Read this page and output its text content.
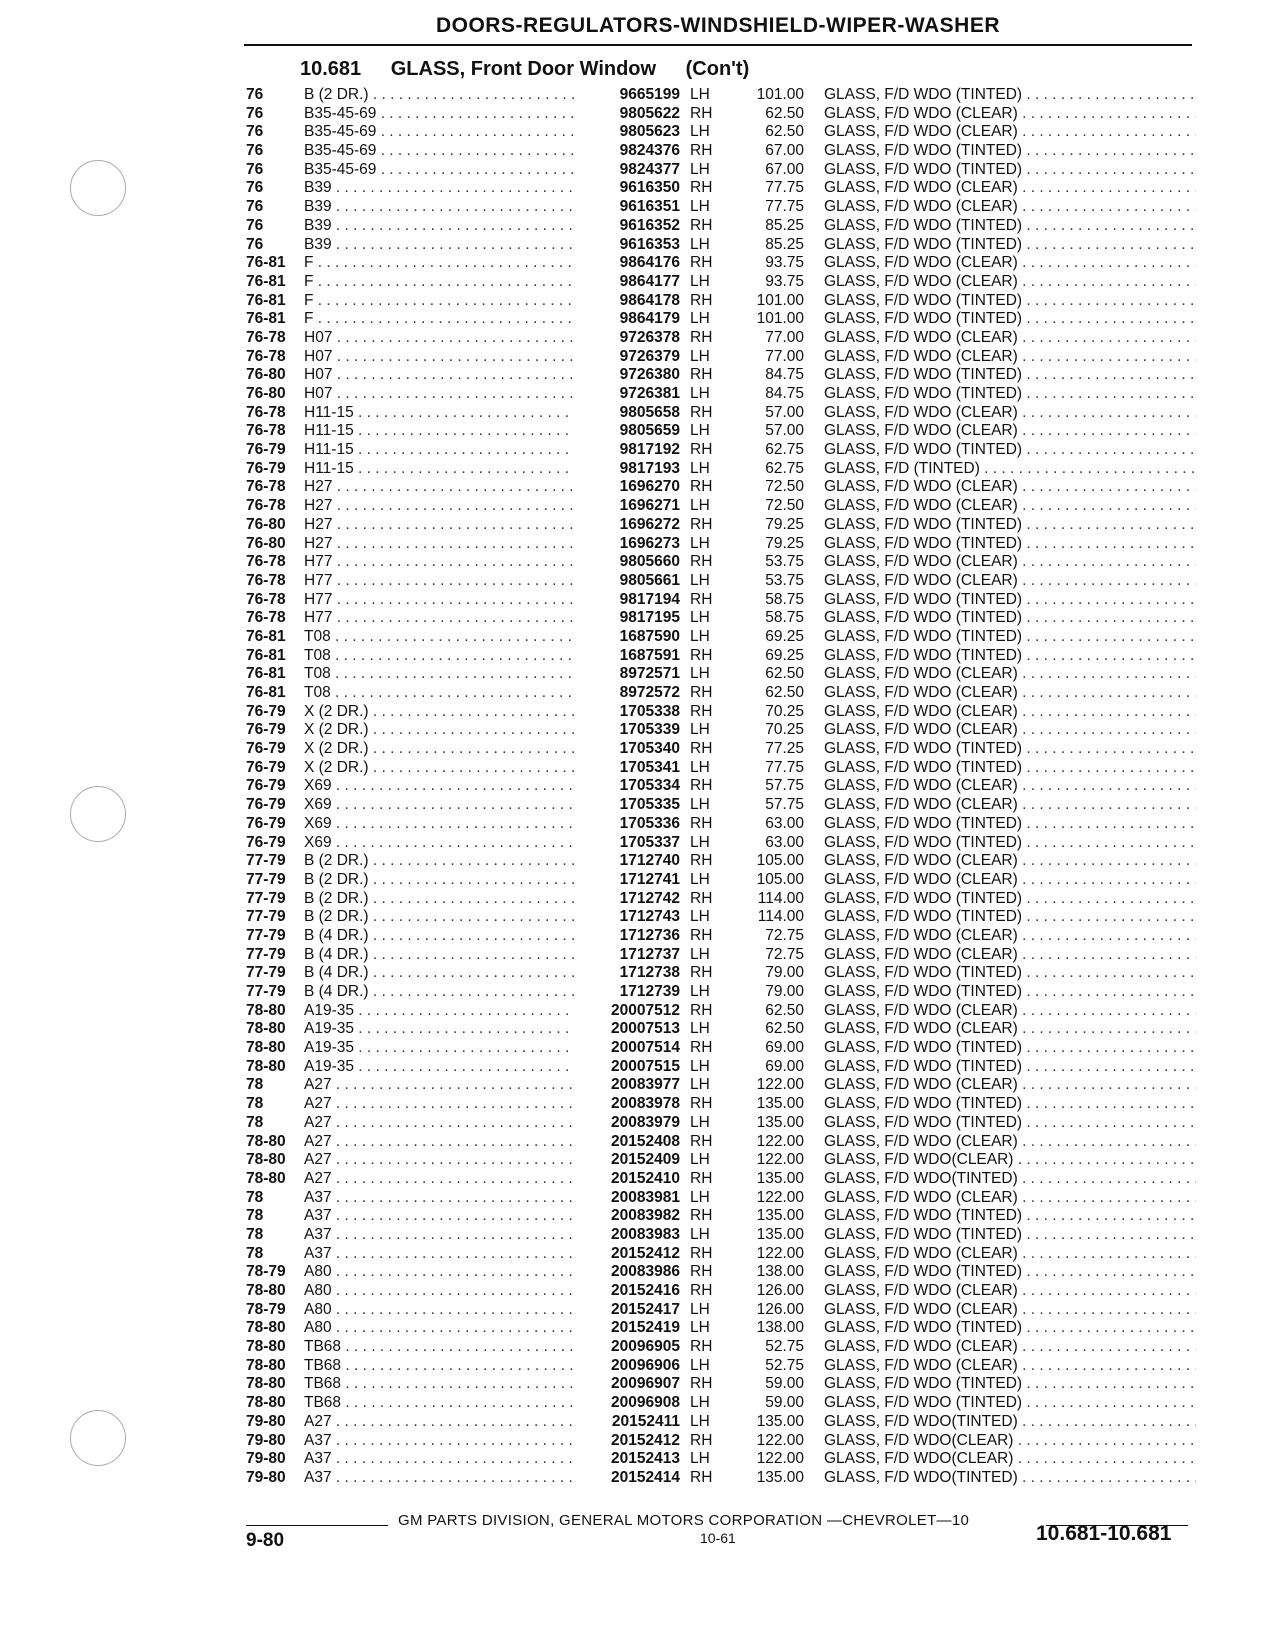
DOORS-REGULATORS-WINDSHIELD-WIPER-WASHER
10.681 GLASS, Front Door Window (Con't)
76	B (2 DR.) . . .	9665199 LH	101.00 GLASS, F/D WDO (TINTED) . . .
76	B35-45-69 . . .	9805622 RH	62.50 GLASS, F/D WDO (CLEAR) . . .
76	B35-45-69 . . .	9805623 LH	62.50 GLASS, F/D WDO (CLEAR) . . .
76	B35-45-69 . . .	9824376 RH	67.00 GLASS, F/D WDO (TINTED) . . .
76	B35-45-69 . . .	9824377 LH	67.00 GLASS, F/D WDO (TINTED) . . .
76	B39 . . .	9616350 RH	77.75 GLASS, F/D WDO (CLEAR) . . .
76	B39 . . .	9616351 LH	77.75 GLASS, F/D WDO (CLEAR) . . .
76	B39 . . .	9616352 RH	85.25 GLASS, F/D WDO (TINTED) . . .
76	B39 . . .	9616353 LH	85.25 GLASS, F/D WDO (TINTED) . . .
76-81 F . . .	9864176 RH	93.75 GLASS, F/D WDO (CLEAR) . . .
76-81 F . . .	9864177 LH	93.75 GLASS, F/D WDO (CLEAR) . . .
76-81 F . . .	9864178 RH	101.00 GLASS, F/D WDO (TINTED) . . .
76-81 F . . .	9864179 LH	101.00 GLASS, F/D WDO (TINTED) . . .
76-78 H07 . . .	9726378 RH	77.00 GLASS, F/D WDO (CLEAR) . . .
76-78 H07 . . .	9726379 LH	77.00 GLASS, F/D WDO (CLEAR) . . .
76-80 H07 . . .	9726380 RH	84.75 GLASS, F/D WDO (TINTED) . . .
76-80 H07 . . .	9726381 LH	84.75 GLASS, F/D WDO (TINTED) . . .
76-78 H11-15 . . .	9805658 RH	57.00 GLASS, F/D WDO (CLEAR) . . .
76-78 H11-15 . . .	9805659 LH	57.00 GLASS, F/D WDO (CLEAR) . . .
76-79 H11-15 . . .	9817192 RH	62.75 GLASS, F/D WDO (TINTED) . . .
76-79 H11-15 . . .	9817193 LH	62.75 GLASS, F/D (TINTED) . . .
76-78 H27 . . .	1696270 RH	72.50 GLASS, F/D WDO (CLEAR) . . .
76-78 H27 . . .	1696271 LH	72.50 GLASS, F/D WDO (CLEAR) . . .
76-80 H27 . . .	1696272 RH	79.25 GLASS, F/D WDO (TINTED) . . .
76-80 H27 . . .	1696273 LH	79.25 GLASS, F/D WDO (TINTED) . . .
76-78 H77 . . .	9805660 RH	53.75 GLASS, F/D WDO (CLEAR) . . .
76-78 H77 . . .	9805661 LH	53.75 GLASS, F/D WDO (CLEAR) . . .
76-78 H77 . . .	9817194 RH	58.75 GLASS, F/D WDO (TINTED) . . .
76-78 H77 . . .	9817195 LH	58.75 GLASS, F/D WDO (TINTED) . . .
76-81 T08 . . .	1687590 LH	69.25 GLASS, F/D WDO (TINTED) . . .
76-81 T08 . . .	1687591 RH	69.25 GLASS, F/D WDO (TINTED) . . .
76-81 T08 . . .	8972571 LH	62.50 GLASS, F/D WDO (CLEAR) . . .
76-81 T08 . . .	8972572 RH	62.50 GLASS, F/D WDO (CLEAR) . . .
76-79 X (2 DR.) . . .	1705338 RH	70.25 GLASS, F/D WDO (CLEAR) . . .
76-79 X (2 DR.) . . .	1705339 LH	70.25 GLASS, F/D WDO (CLEAR) . . .
76-79 X (2 DR.) . . .	1705340 RH	77.25 GLASS, F/D WDO (TINTED) . . .
76-79 X (2 DR.) . . .	1705341 LH	77.75 GLASS, F/D WDO (TINTED) . . .
76-79 X69 . . .	1705334 RH	57.75 GLASS, F/D WDO (CLEAR) . . .
76-79 X69 . . .	1705335 LH	57.75 GLASS, F/D WDO (CLEAR) . . .
76-79 X69 . . .	1705336 RH	63.00 GLASS, F/D WDO (TINTED) . . .
76-79 X69 . . .	1705337 LH	63.00 GLASS, F/D WDO (TINTED) . . .
77-79 B (2 DR.) . . .	1712740 RH	105.00 GLASS, F/D WDO (CLEAR) . . .
77-79 B (2 DR.) . . .	1712741 LH	105.00 GLASS, F/D WDO (CLEAR) . . .
77-79 B (2 DR.) . . .	1712742 RH	114.00 GLASS, F/D WDO (TINTED) . . .
77-79 B (2 DR.) . . .	1712743 LH	114.00 GLASS, F/D WDO (TINTED) . . .
77-79 B (4 DR.) . . .	1712736 RH	72.75 GLASS, F/D WDO (CLEAR) . . .
77-79 B (4 DR.) . . .	1712737 LH	72.75 GLASS, F/D WDO (CLEAR) . . .
77-79 B (4 DR.) . . .	1712738 RH	79.00 GLASS, F/D WDO (TINTED) . . .
77-79 B (4 DR.) . . .	1712739 LH	79.00 GLASS, F/D WDO (TINTED) . . .
78-80 A19-35 . . .	20007512 RH	62.50 GLASS, F/D WDO (CLEAR) . . .
78-80 A19-35 . . .	20007513 LH	62.50 GLASS, F/D WDO (CLEAR) . . .
78-80 A19-35 . . .	20007514 RH	69.00 GLASS, F/D WDO (TINTED) . . .
78-80 A19-35 . . .	20007515 LH	69.00 GLASS, F/D WDO (TINTED) . . .
78	A27 . . .	20083977 LH	122.00 GLASS, F/D WDO (CLEAR) . . .
78	A27 . . .	20083978 RH	135.00 GLASS, F/D WDO (TINTED) . . .
78	A27 . . .	20083979 LH	135.00 GLASS, F/D WDO (TINTED) . . .
78-80 A27 . . .	20152408 RH	122.00 GLASS, F/D WDO (CLEAR) . . .
78-80 A27 . . .	20152409 LH	122.00 GLASS, F/D WDO(CLEAR) . . .
78-80 A27 . . .	20152410 RH	135.00 GLASS, F/D WDO(TINTED) . . .
78	A37 . . .	20083981 LH	122.00 GLASS, F/D WDO (CLEAR) . . .
78	A37 . . .	20083982 RH	135.00 GLASS, F/D WDO (TINTED) . . .
78	A37 . . .	20083983 LH	135.00 GLASS, F/D WDO (TINTED) . . .
78	A37 . . .	20152412 RH	122.00 GLASS, F/D WDO (CLEAR) . . .
78-79 A80 . . .	20083986 RH	138.00 GLASS, F/D WDO (TINTED) . . .
78-80 A80 . . .	20152416 RH	126.00 GLASS, F/D WDO (CLEAR) . . .
78-79 A80 . . .	20152417 LH	126.00 GLASS, F/D WDO (CLEAR) . . .
78-80 A80 . . .	20152419 LH	138.00 GLASS, F/D WDO (TINTED) . . .
78-80 TB68 . . .	20096905 RH	52.75 GLASS, F/D WDO (CLEAR) . . .
78-80 TB68 . . .	20096906 LH	52.75 GLASS, F/D WDO (CLEAR) . . .
78-80 TB68 . . .	20096907 RH	59.00 GLASS, F/D WDO (TINTED) . . .
78-80 TB68 . . .	20096908 LH	59.00 GLASS, F/D WDO (TINTED) . . .
79-80 A27 . . .	20152411 LH	135.00 GLASS, F/D WDO(TINTED) . . .
79-80 A37 . . .	20152412 RH	122.00 GLASS, F/D WDO(CLEAR) . . .
79-80 A37 . . .	20152413 LH	122.00 GLASS, F/D WDO(CLEAR) . . .
79-80 A37 . . .	20152414 RH	135.00 GLASS, F/D WDO(TINTED) . . .
GM PARTS DIVISION, GENERAL MOTORS CORPORATION —CHEVROLET—10
9-80	10-61	10.681-10.681
